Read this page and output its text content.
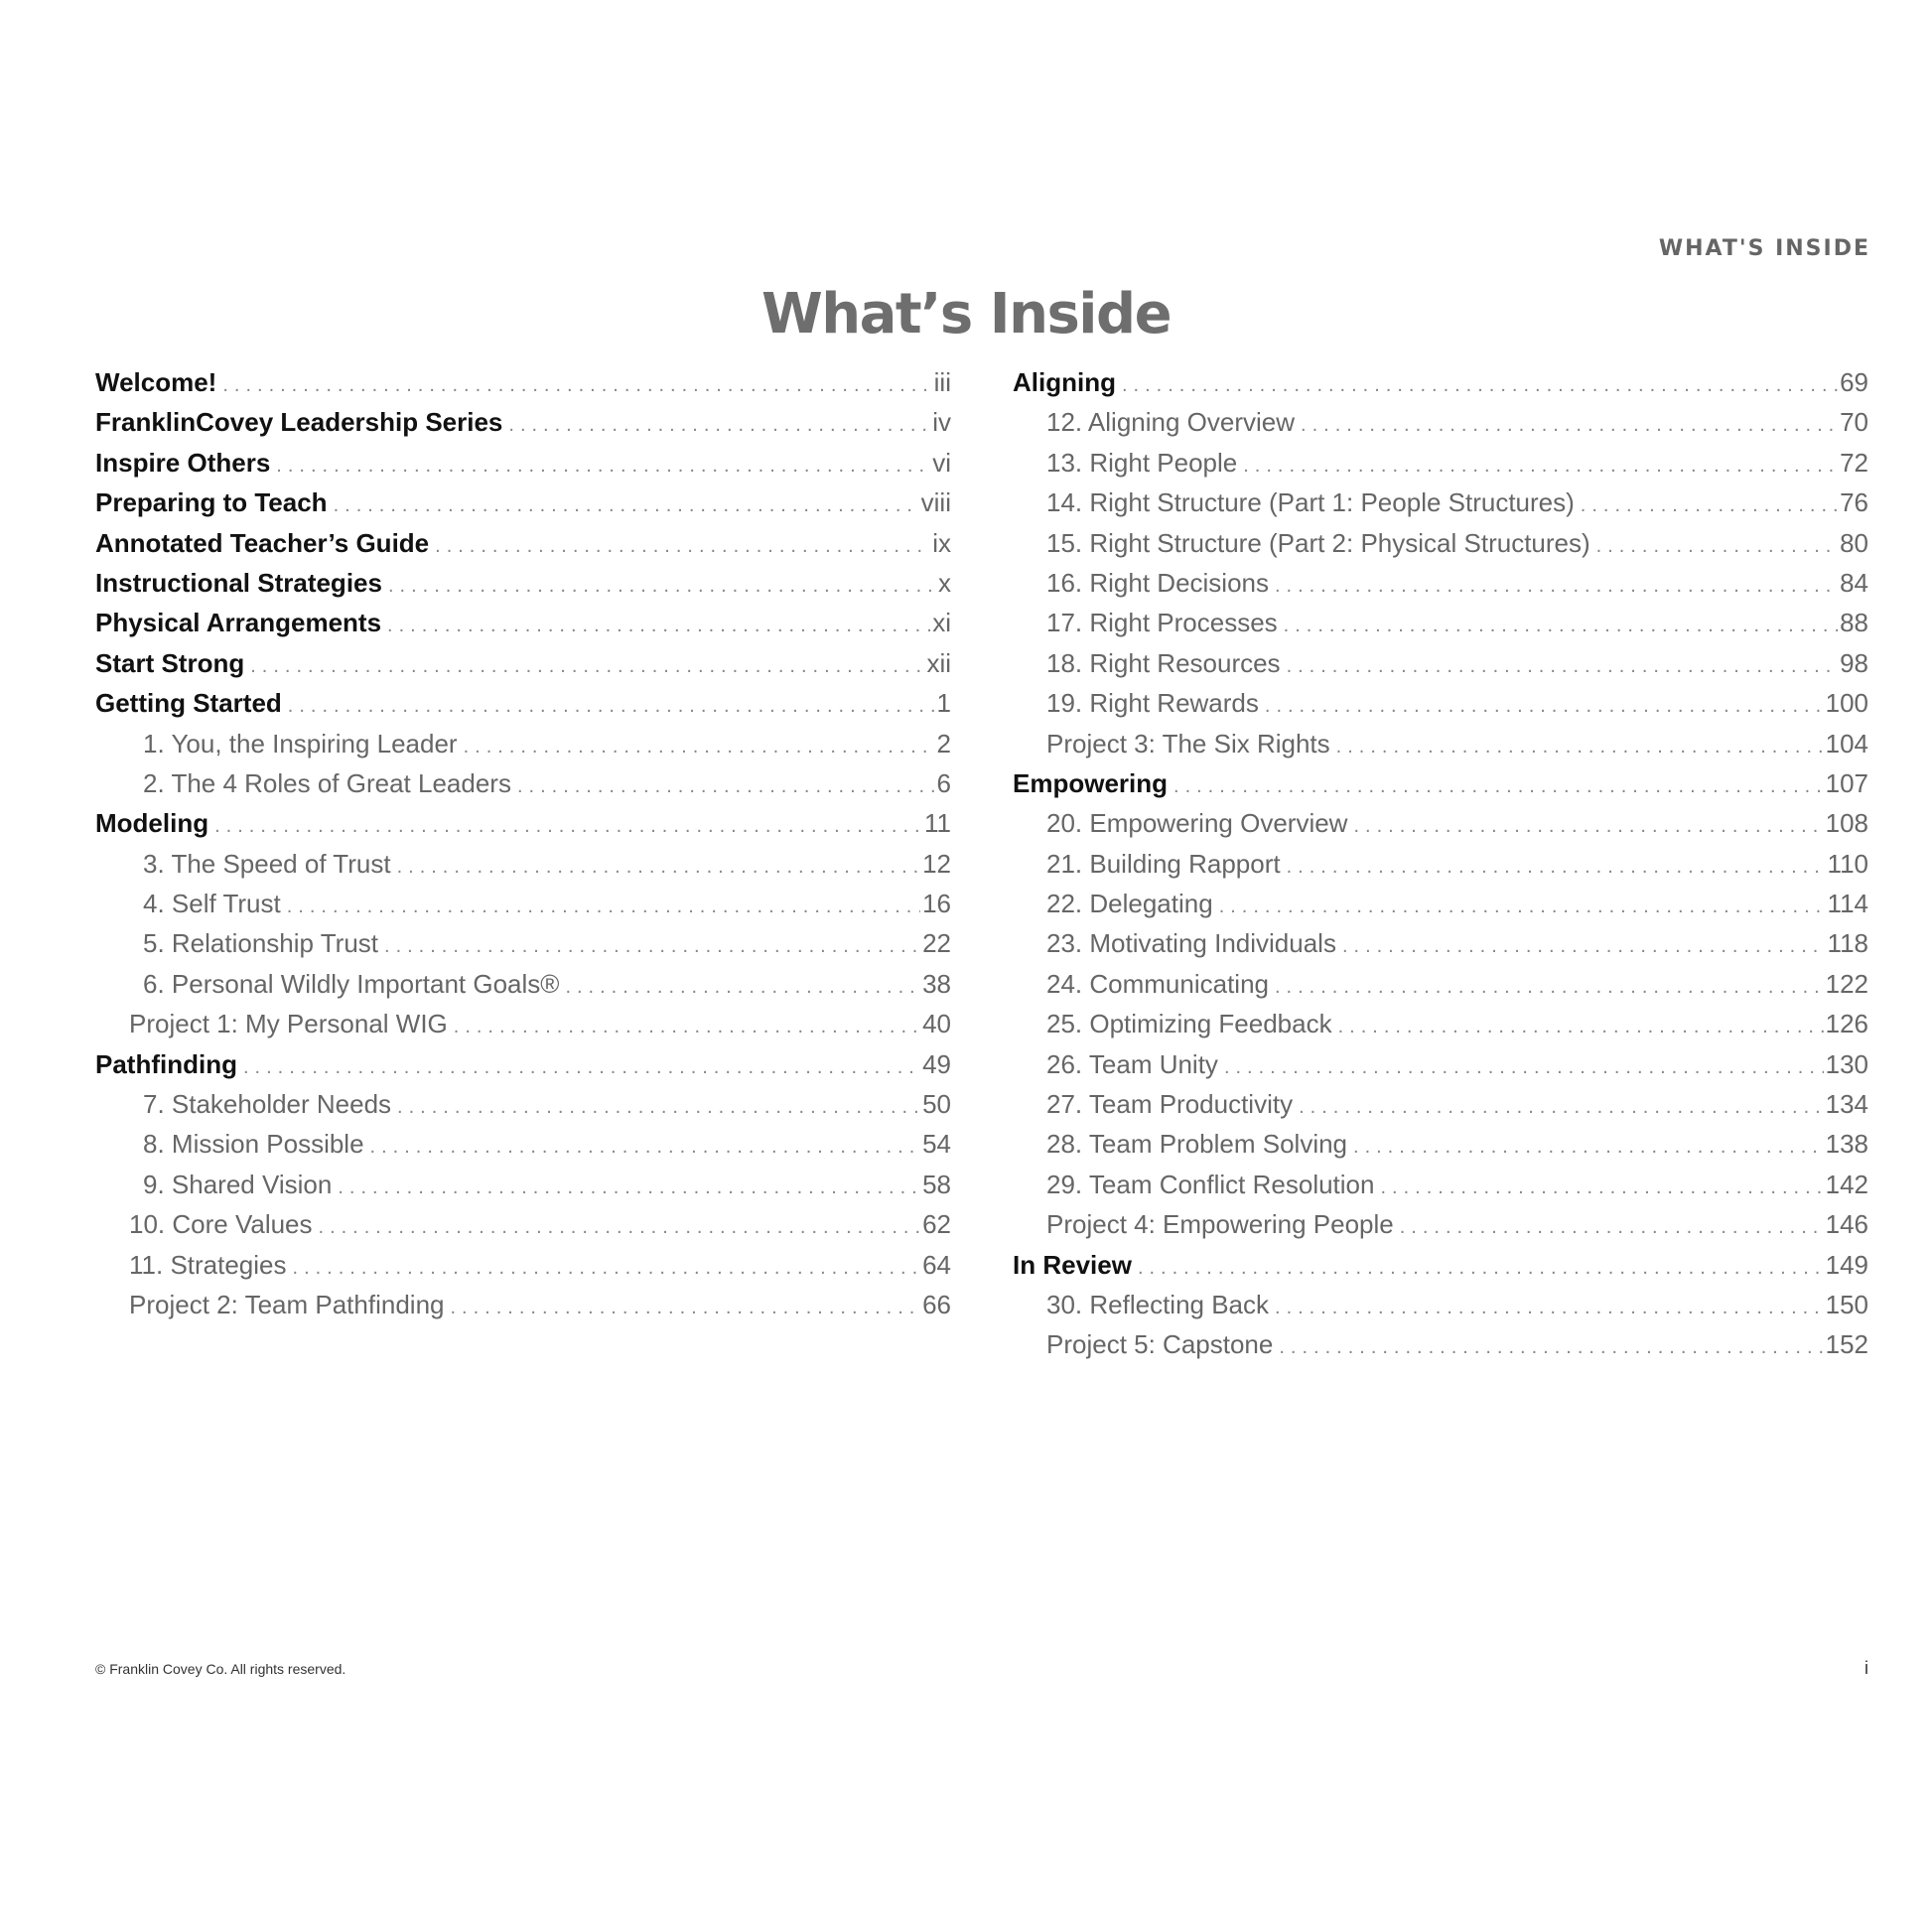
WHAT'S INSIDE
What’s Inside
Welcome! .....	iii
FranklinCovey Leadership Series .....	iv
Inspire Others .....	vi
Preparing to Teach .....	viii
Annotated Teacher’s Guide .....	ix
Instructional Strategies .....	x
Physical Arrangements .....	xi
Start Strong .....	xii
Getting Started .....	1
1. You, the Inspiring Leader .....	2
2. The 4 Roles of Great Leaders .....	6
Modeling .....	11
3. The Speed of Trust .....	12
4. Self Trust .....	16
5. Relationship Trust .....	22
6. Personal Wildly Important Goals® .....	38
Project 1: My Personal WIG .....	40
Pathfinding .....	49
7. Stakeholder Needs .....	50
8. Mission Possible .....	54
9. Shared Vision .....	58
10. Core Values .....	62
11. Strategies .....	64
Project 2: Team Pathfinding .....	66
Aligning .....	69
12. Aligning Overview .....	70
13. Right People .....	72
14. Right Structure (Part 1: People Structures) .....	76
15. Right Structure (Part 2: Physical Structures) .....	80
16. Right Decisions .....	84
17. Right Processes .....	88
18. Right Resources .....	98
19. Right Rewards .....	100
Project 3: The Six Rights .....	104
Empowering .....	107
20. Empowering Overview .....	108
21. Building Rapport .....	110
22. Delegating .....	114
23. Motivating Individuals .....	118
24. Communicating .....	122
25. Optimizing Feedback .....	126
26. Team Unity .....	130
27. Team Productivity .....	134
28. Team Problem Solving .....	138
29. Team Conflict Resolution .....	142
Project 4: Empowering People .....	146
In Review .....	149
30. Reflecting Back .....	150
Project 5: Capstone .....	152
© Franklin Covey Co. All rights reserved.	i
